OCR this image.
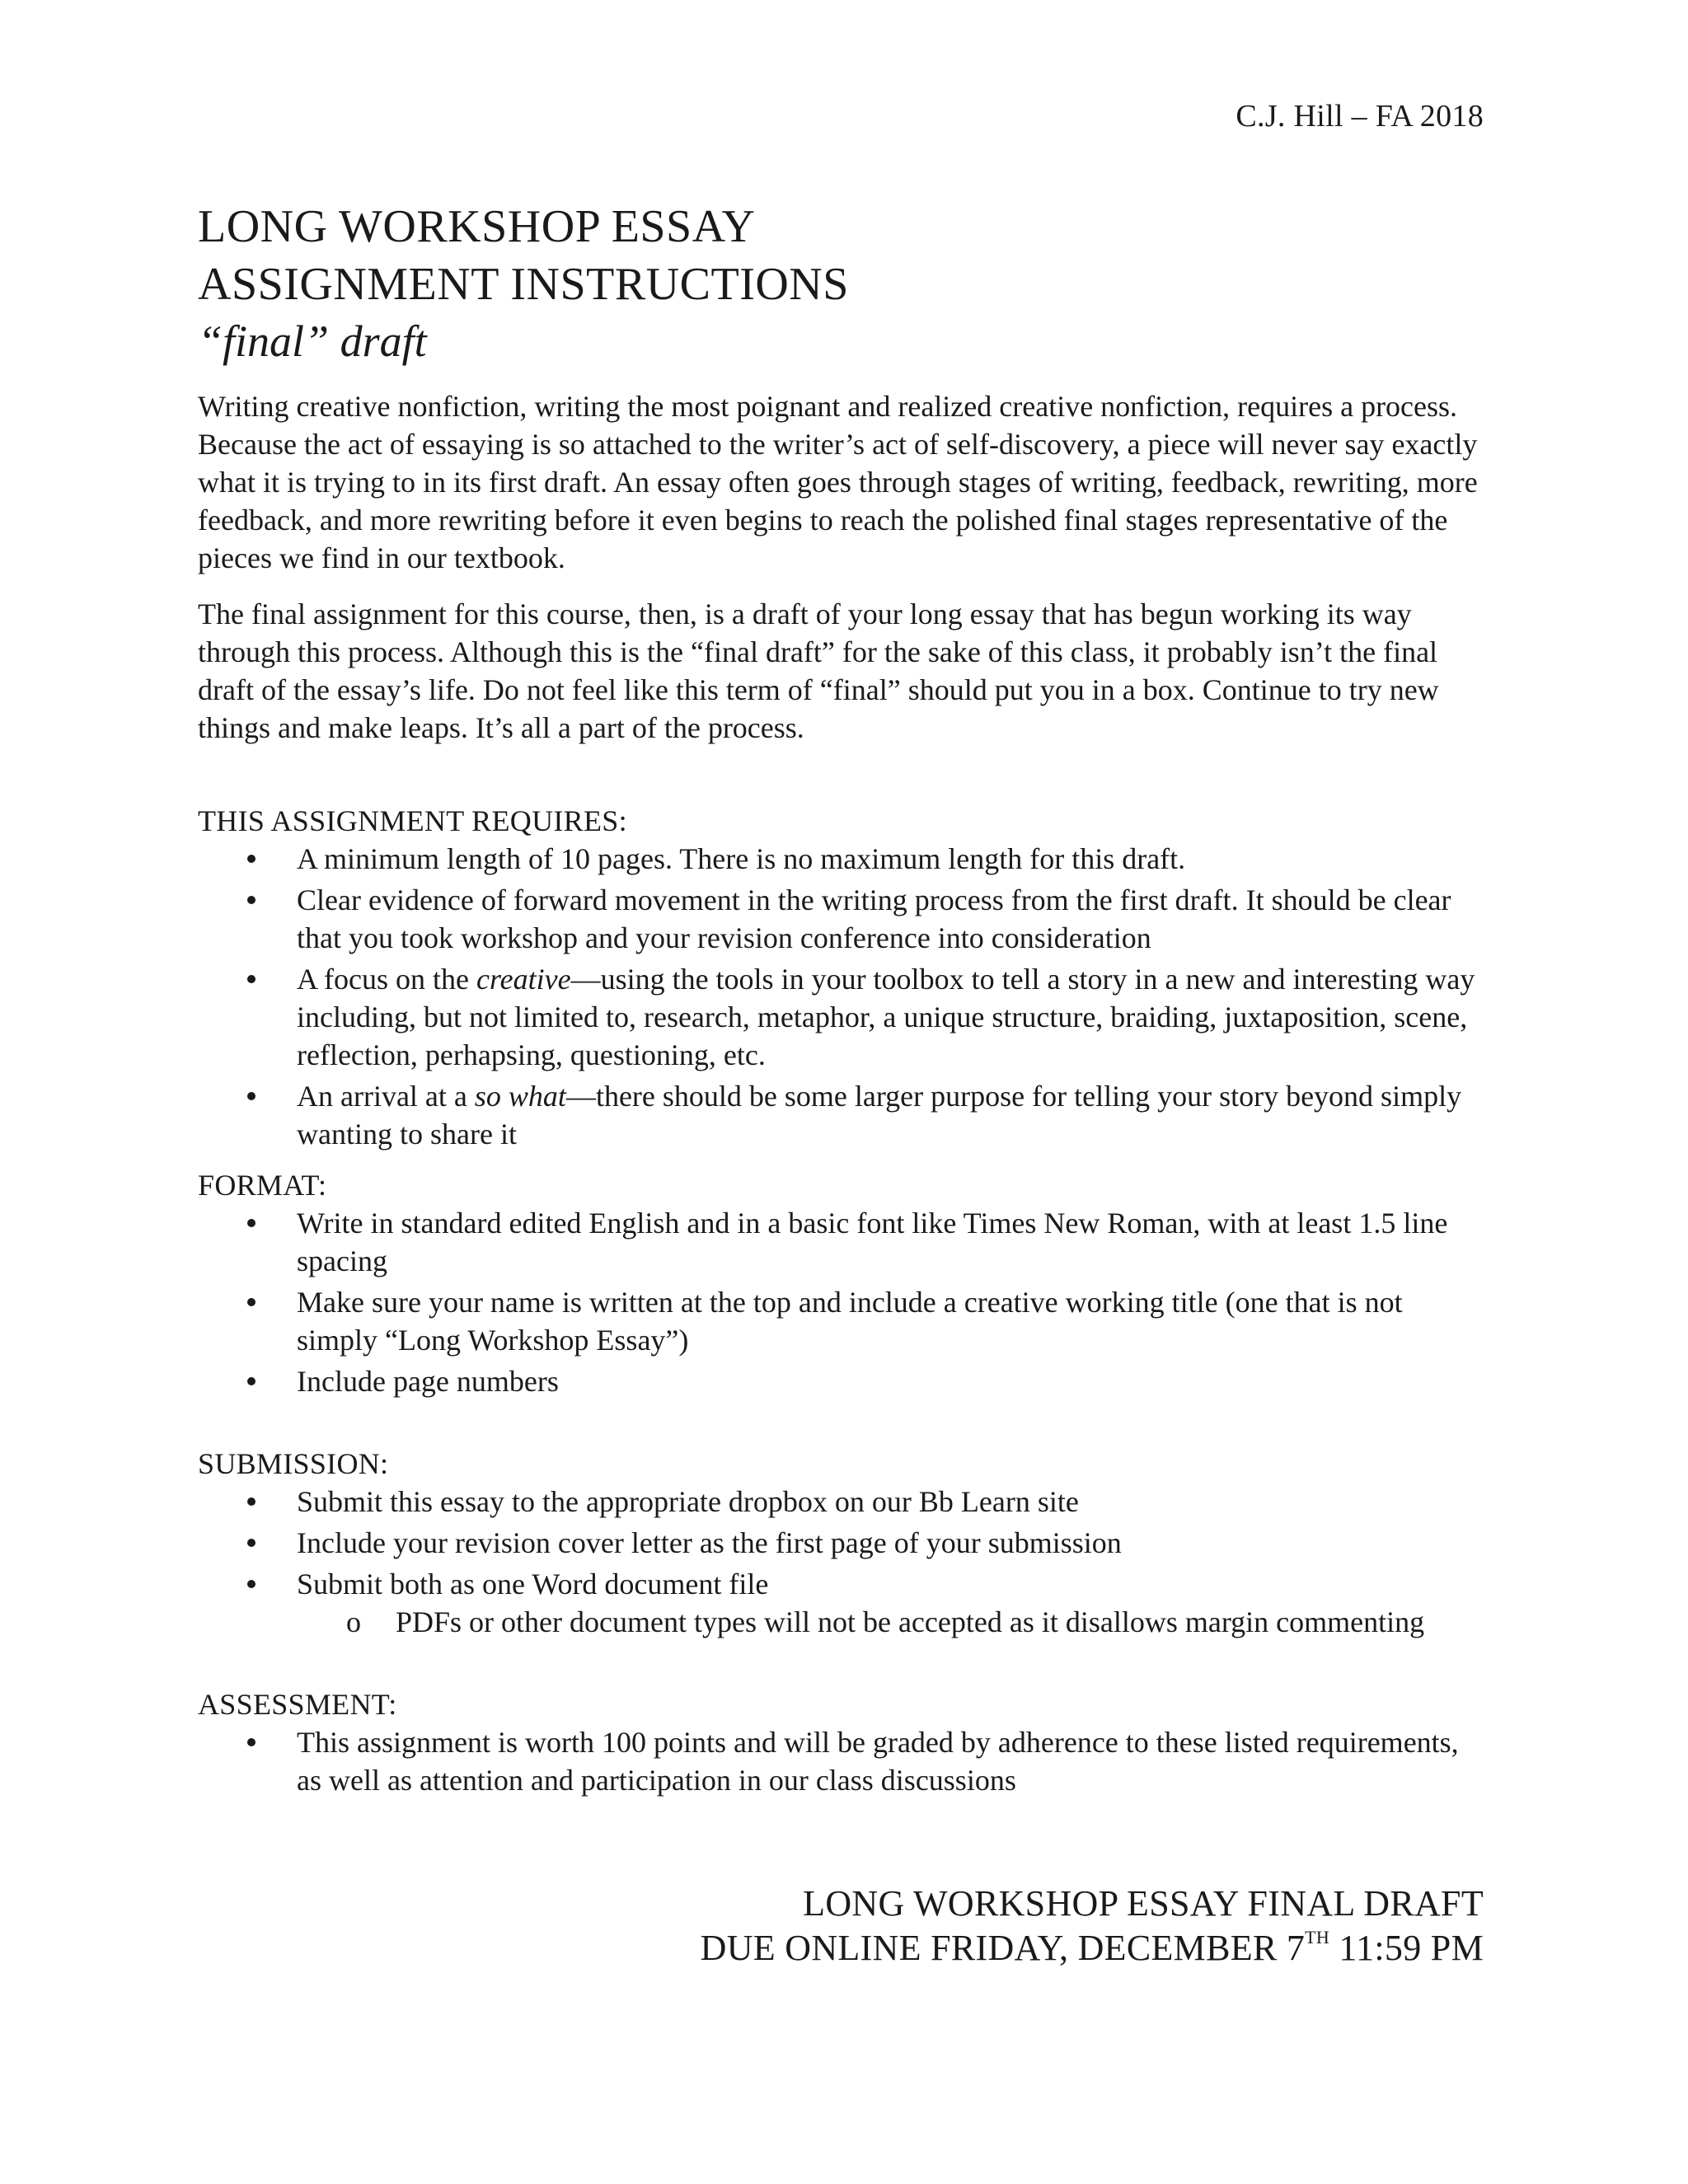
C.J. Hill – FA 2018
LONG WORKSHOP ESSAY
ASSIGNMENT INSTRUCTIONS
“final” draft

Writing creative nonfiction, writing the most poignant and realized creative nonfiction, requires a process. Because the act of essaying is so attached to the writer’s act of self-discovery, a piece will never say exactly what it is trying to in its first draft. An essay often goes through stages of writing, feedback, rewriting, more feedback, and more rewriting before it even begins to reach the polished final stages representative of the pieces we find in our textbook.

The final assignment for this course, then, is a draft of your long essay that has begun working its way through this process. Although this is the “final draft” for the sake of this class, it probably isn’t the final draft of the essay’s life. Do not feel like this term of “final” should put you in a box. Continue to try new things and make leaps. It’s all a part of the process.

THIS ASSIGNMENT REQUIRES:
A minimum length of 10 pages. There is no maximum length for this draft.
Clear evidence of forward movement in the writing process from the first draft. It should be clear that you took workshop and your revision conference into consideration
A focus on the creative—using the tools in your toolbox to tell a story in a new and interesting way including, but not limited to, research, metaphor, a unique structure, braiding, juxtaposition, scene, reflection, perhapsing, questioning, etc.
An arrival at a so what—there should be some larger purpose for telling your story beyond simply wanting to share it
FORMAT:
Write in standard edited English and in a basic font like Times New Roman, with at least 1.5 line spacing
Make sure your name is written at the top and include a creative working title (one that is not simply “Long Workshop Essay”)
Include page numbers
SUBMISSION:
Submit this essay to the appropriate dropbox on our Bb Learn site
Include your revision cover letter as the first page of your submission
Submit both as one Word document file
o PDFs or other document types will not be accepted as it disallows margin commenting
ASSESSMENT:
This assignment is worth 100 points and will be graded by adherence to these listed requirements, as well as attention and participation in our class discussions
LONG WORKSHOP ESSAY FINAL DRAFT
DUE ONLINE FRIDAY, DECEMBER 7TH 11:59 PM
